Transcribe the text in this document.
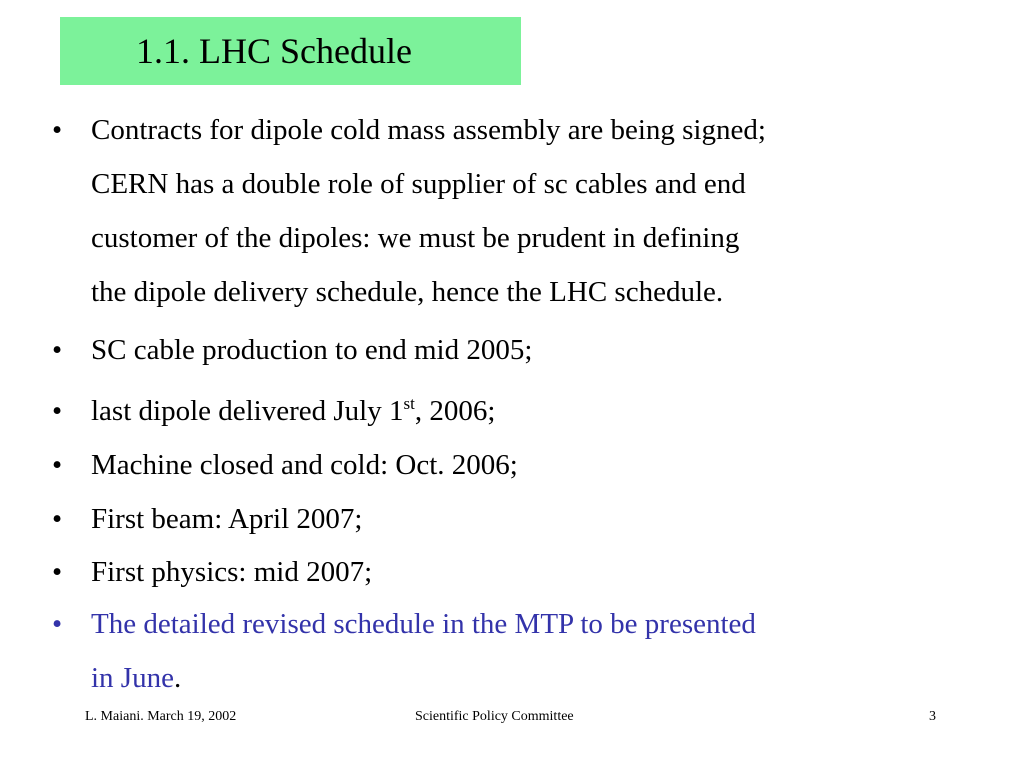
1.1. LHC Schedule
• Contracts for dipole cold mass assembly are being signed;
CERN has a double role of supplier of sc cables and end
customer of the dipoles: we must be prudent in defining
the dipole delivery schedule, hence the LHC schedule.
• SC cable production to end mid 2005;
• last dipole delivered July 1st, 2006;
• Machine closed and cold: Oct. 2006;
• First beam: April 2007;
• First physics: mid 2007;
• The detailed revised schedule in the MTP to be presented
in June.
L. Maiani. March 19, 2002	Scientific Policy Committee	3
